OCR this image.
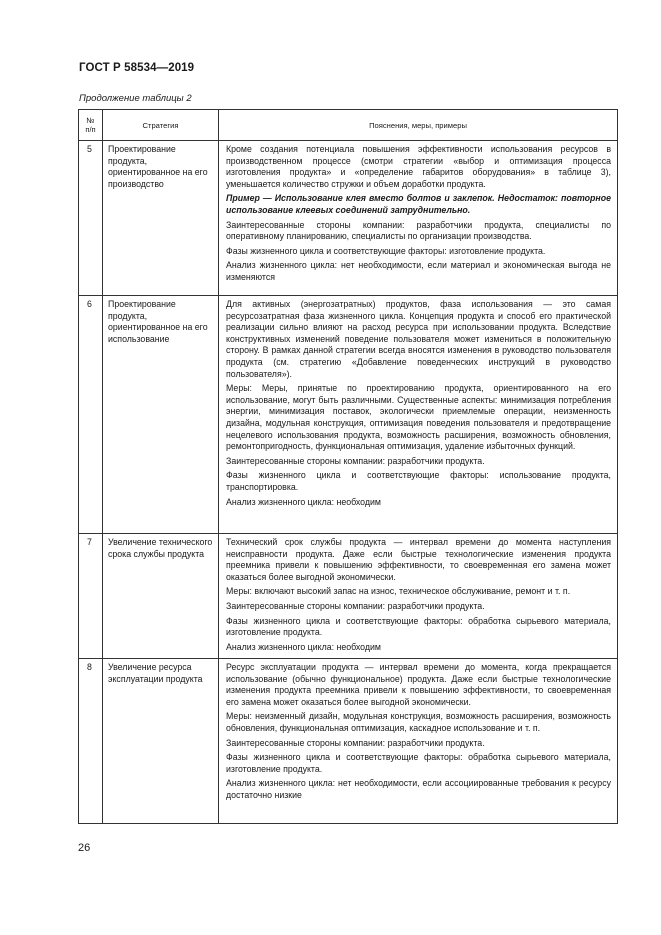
ГОСТ Р 58534—2019
Продолжение таблицы 2
№
п/п	Стратегия	Пояснения, меры, примеры
5	Проектирование продукта, ориентированное на его производство	Кроме создания потенциала повышения эффективности использования ресурсов в производственном процессе (смотри стратегии «выбор и оптимизация процесса изготовления продукта» и «определение габаритов оборудования» в таблице 3), уменьшается количество стружки и объем доработки продукта.

Пример — Использование клея вместо болтов и заклепок. Недостаток: повторное использование клеевых соединений затруднительно.

Заинтересованные стороны компании: разработчики продукта, специалисты по оперативному планированию, специалисты по организации производства.

Фазы жизненного цикла и соответствующие факторы: изготовление продукта.

Анализ жизненного цикла: нет необходимости, если материал и экономическая выгода не изменяются

6	Проектирование продукта, ориентированное на его использование	Для активных (энергозатратных) продуктов, фаза использования — это самая ресурсозатратная фаза жизненного цикла. Концепция продукта и способ его практической реализации сильно влияют на расход ресурса при использовании продукта. Вследствие конструктивных изменений поведение пользователя может измениться в положительную сторону. В рамках данной стратегии всегда вносятся изменения в руководство пользователя продукта (см. стратегию «Добавление поведенческих инструкций в руководство пользователя»).

Меры: Меры, принятые по проектированию продукта, ориентированного на его использование, могут быть различными. Существенные аспекты: минимизация потребления энергии, минимизация поставок, экологически приемлемые операции, неизменность дизайна, модульная конструкция, оптимизация поведения пользователя и предотвращение нецелевого использования продукта, возможность расширения, возможность обновления, ремонтопригодность, функциональная оптимизация, удаление избыточных функций.

Заинтересованные стороны компании: разработчики продукта.

Фазы жизненного цикла и соответствующие факторы: использование продукта, транспортировка.

Анализ жизненного цикла: необходим

7	Увеличение технического срока службы продукта	Технический срок службы продукта — интервал времени до момента наступления неисправности продукта. Даже если быстрые технологические изменения продукта преемника привели к повышению эффективности, то своевременная его замена может оказаться более выгодной экономически.

Меры: включают высокий запас на износ, техническое обслуживание, ремонт и т. п.

Заинтересованные стороны компании: разработчики продукта.

Фазы жизненного цикла и соответствующие факторы: обработка сырьевого материала, изготовление продукта.

Анализ жизненного цикла: необходим

8	Увеличение ресурса эксплуатации продукта	Ресурс эксплуатации продукта — интервал времени до момента, когда прекращается использование (обычно функциональное) продукта. Даже если быстрые технологические изменения продукта преемника привели к повышению эффективности, то своевременная его замена может оказаться более выгодной экономически.

Меры: неизменный дизайн, модульная конструкция, возможность расширения, возможность обновления, функциональная оптимизация, каскадное использование и т. п.

Заинтересованные стороны компании: разработчики продукта.

Фазы жизненного цикла и соответствующие факторы: обработка сырьевого материала, изготовление продукта.

Анализ жизненного цикла: нет необходимости, если ассоциированные требования к ресурсу достаточно низкие

26
